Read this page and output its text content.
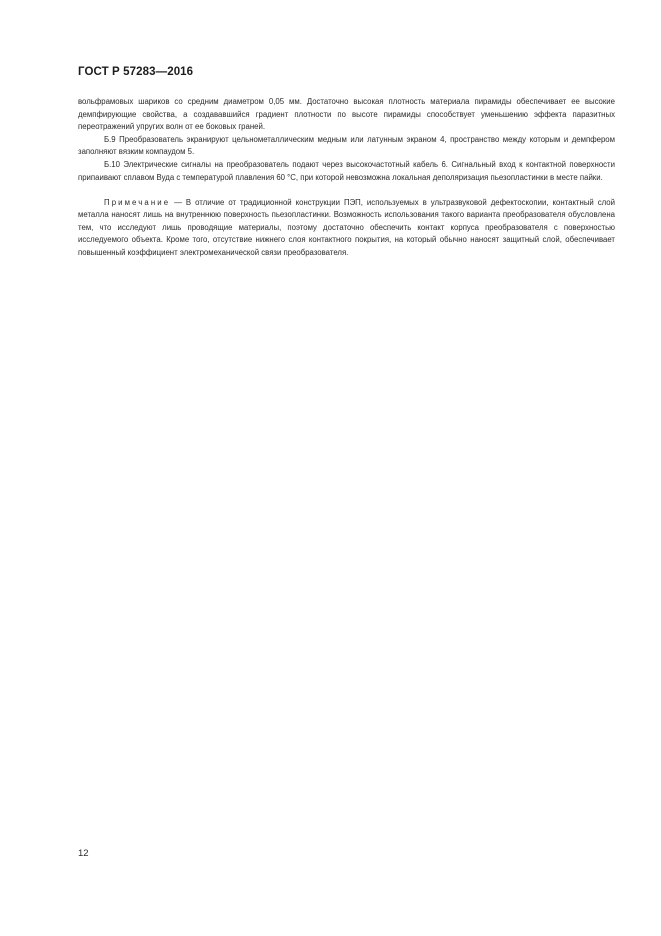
ГОСТ Р 57283—2016

вольфрамовых шариков со средним диаметром 0,05 мм. Достаточно высокая плотность материала пирамиды обеспечивает ее высокие демпфирующие свойства, а создававшийся градиент плотности по высоте пирамиды способствует уменьшению эффекта паразитных переотражений упругих волн от ее боковых граней.

Б.9 Преобразователь экранируют цельнометаллическим медным или латунным экраном 4, пространство между которым и демпфером заполняют вязким компаудом 5.

Б.10 Электрические сигналы на преобразователь подают через высокочастотный кабель 6. Сигнальный вход к контактной поверхности припаивают сплавом Вуда с температурой плавления 60 °С, при которой невозможна локальная деполяризация пьезопластинки в месте пайки.

Примечание — В отличие от традиционной конструкции ПЭП, используемых в ультразвуковой дефектоскопии, контактный слой металла наносят лишь на внутреннюю поверхность пьезопластинки. Возможность использования такого варианта преобразователя обусловлена тем, что исследуют лишь проводящие материалы, поэтому достаточно обеспечить контакт корпуса преобразователя с поверхностью исследуемого объекта. Кроме того, отсутствие нижнего слоя контактного покрытия, на который обычно наносят защитный слой, обеспечивает повышенный коэффициент электромеханической связи преобразователя.

12
